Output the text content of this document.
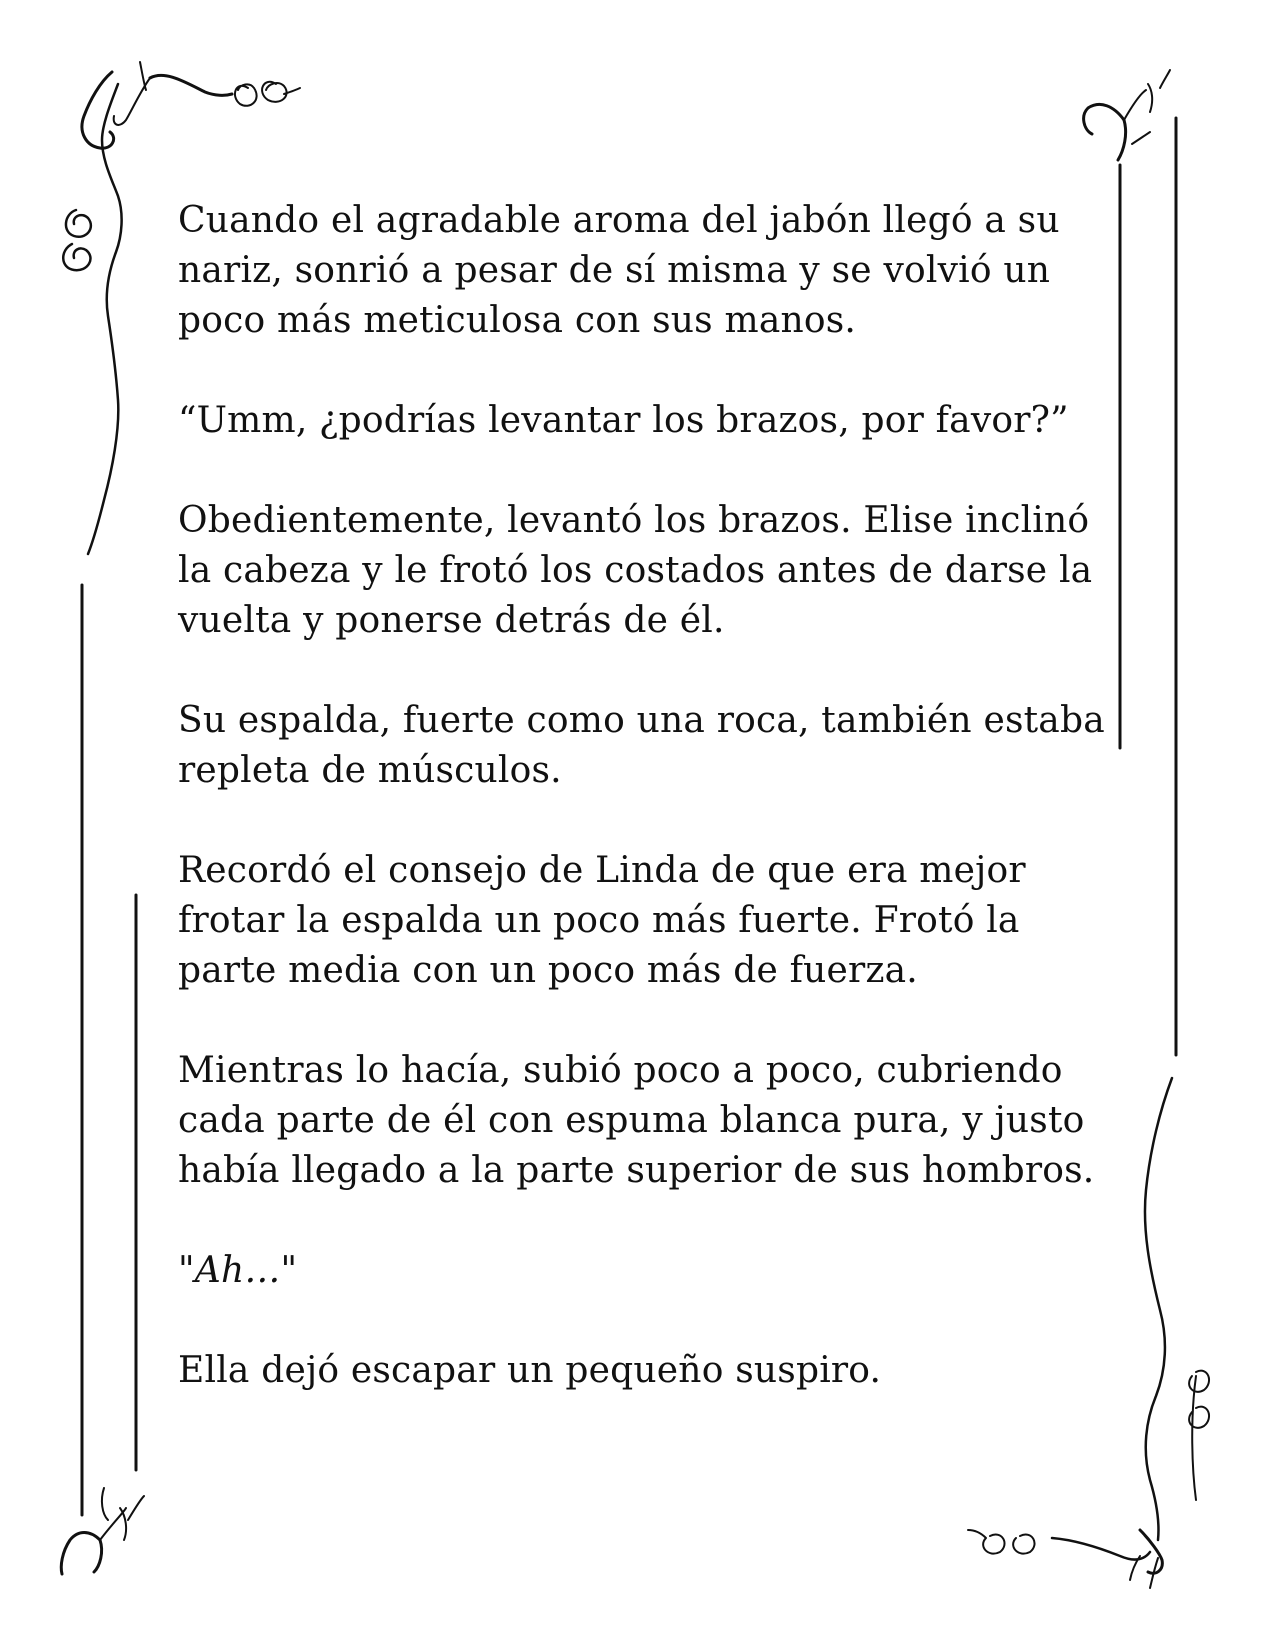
Cuando el agradable aroma del jabón llegó a su nariz, sonrió a pesar de sí misma y se volvió un poco más meticulosa con sus manos.

“Umm, ¿podrías levantar los brazos, por favor?”

Obedientemente, levantó los brazos. Elise inclinó la cabeza y le frotó los costados antes de darse la vuelta y ponerse detrás de él.

Su espalda, fuerte como una roca, también estaba repleta de músculos.

Recordó el consejo de Linda de que era mejor frotar la espalda un poco más fuerte. Frotó la parte media con un poco más de fuerza.

Mientras lo hacía, subió poco a poco, cubriendo cada parte de él con espuma blanca pura, y justo había llegado a la parte superior de sus hombros.

"Ah…"

Ella dejó escapar un pequeño suspiro.
